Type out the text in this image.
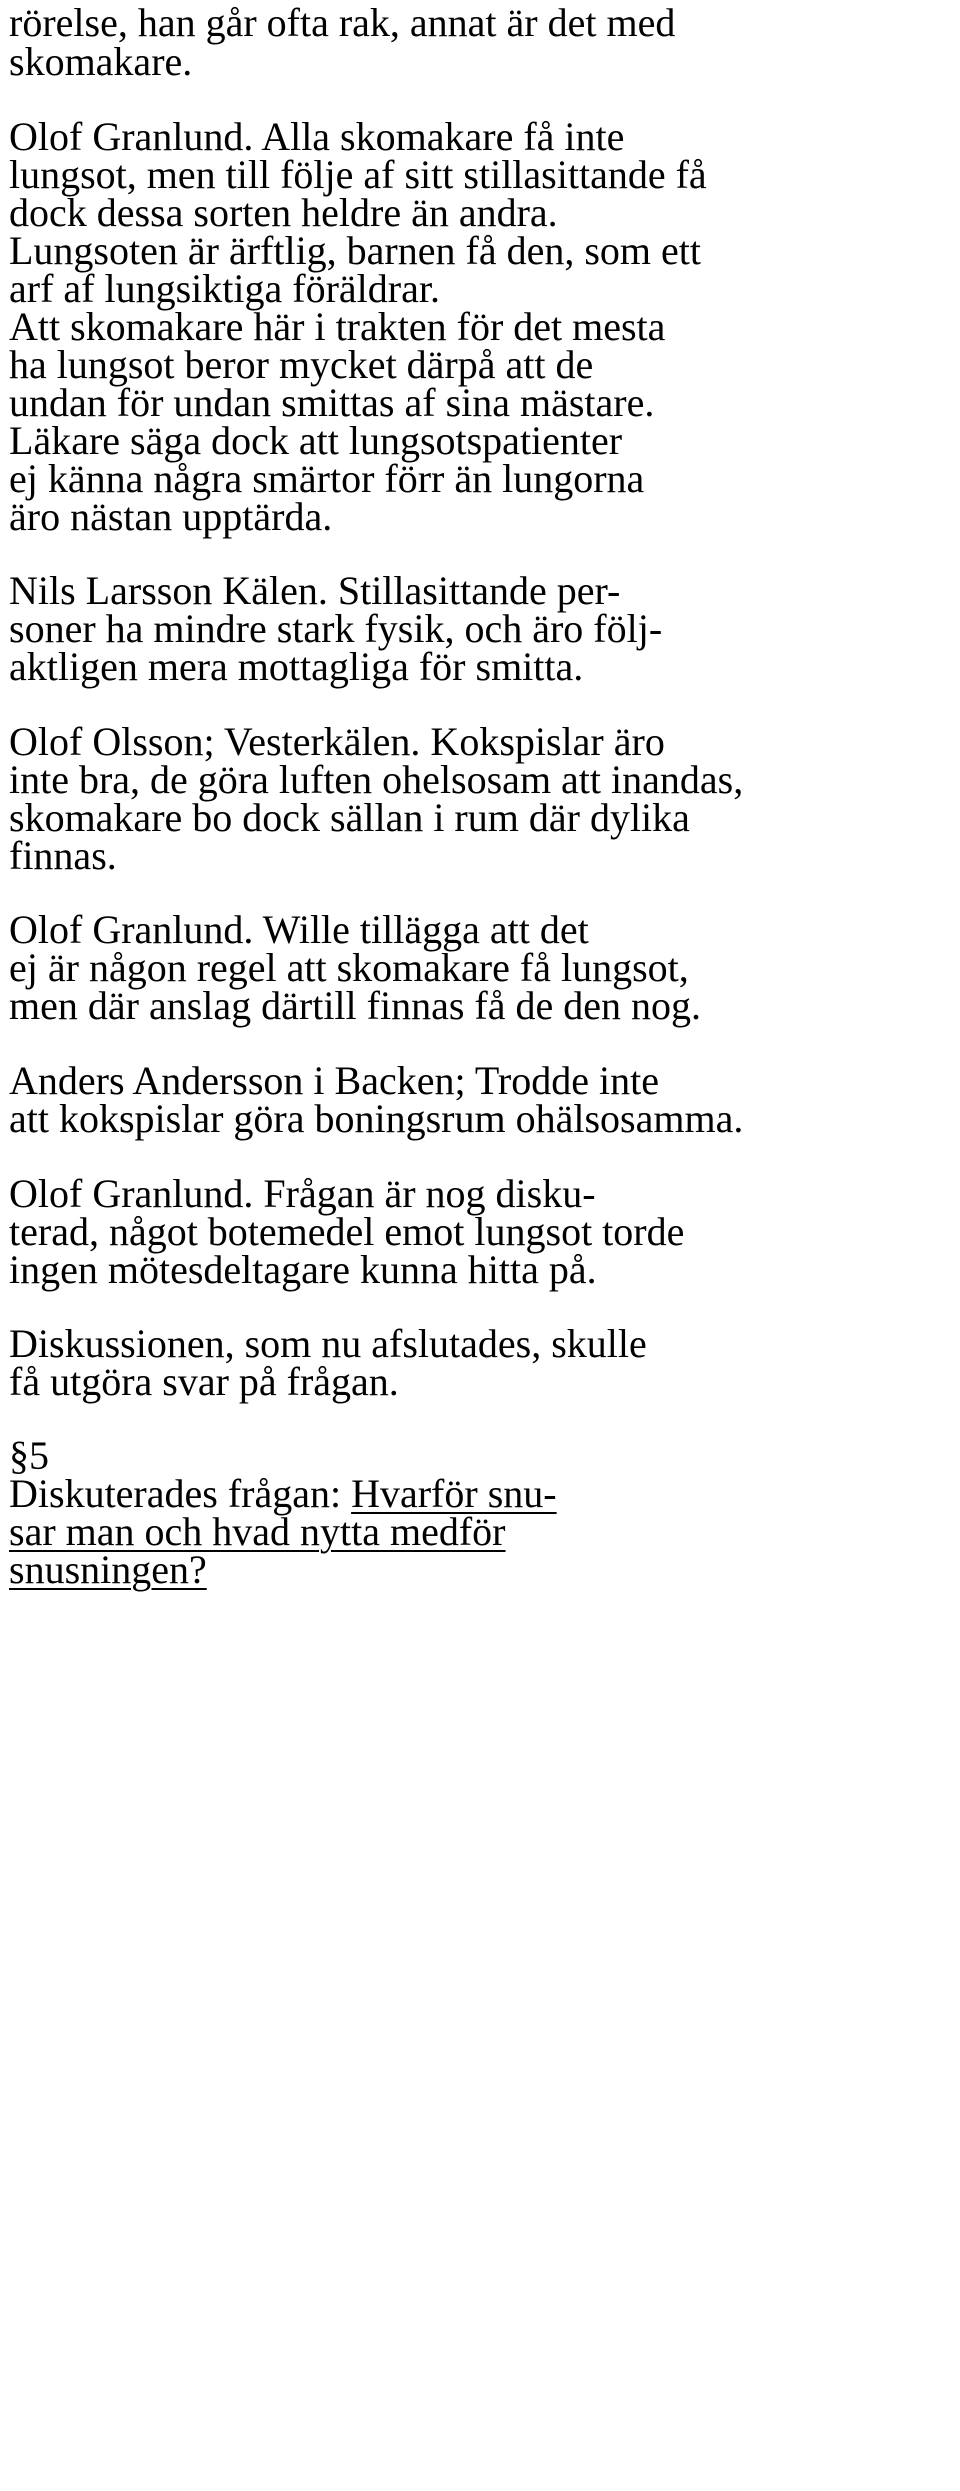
rörelse, han går ofta rak, annat är det med
skomakare.
Olof Granlund. Alla skomakare få inte
lungsot, men till följe af sitt stillasittande få
dock dessa sorten heldre än andra.
Lungsoten är ärftlig, barnen få den, som ett
arf af lungsiktiga föräldrar.
Att skomakare här i trakten för det mesta
ha lungsot beror mycket därpå att de
undan för undan smittas af sina mästare.
Läkare säga dock att lungsotspatienter
ej känna några smärtor förr än lungorna
äro nästan upptärda.
Nils Larsson Kälen. Stillasittande per-
soner ha mindre stark fysik, och äro följ-
aktligen mera mottagliga för smitta.
Olof Olsson; Vesterkälen. Kokspislar äro
inte bra, de göra luften ohelsosam att inandas,
skomakare bo dock sällan i rum där dylika
finnas.
Olof Granlund. Wille tillägga att det
ej är någon regel att skomakare få lungsot,
men där anslag därtill finnas få de den nog.
Anders Andersson i Backen; Trodde inte
att kokspislar göra boningsrum ohälsosamma.
Olof Granlund. Frågan är nog disku-
terad, något botemedel emot lungsot torde
ingen mötesdeltagare kunna hitta på.
Diskussionen, som nu afslutades, skulle
få utgöra svar på frågan.
§5
Diskuterades frågan: Hvarför snu-
sar man och hvad nytta medför
snusningen?
